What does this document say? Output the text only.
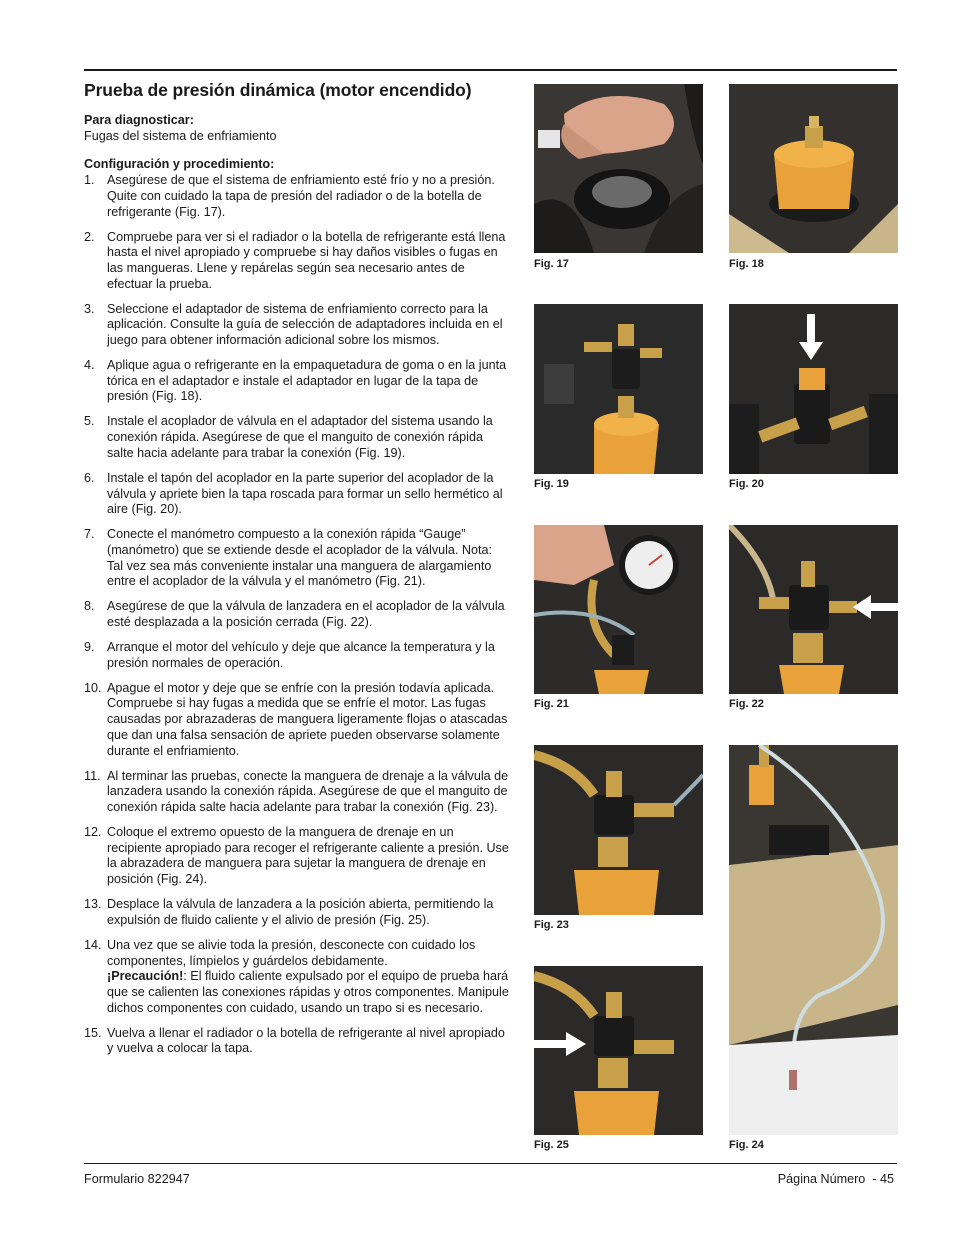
Prueba de presión dinámica (motor encendido)

Para diagnosticar:

Fugas del sistema de enfriamiento

Configuración y procedimiento:

1. Asegúrese de que el sistema de enfriamiento esté frío y no a presión. Quite con cuidado la tapa de presión del radiador o de la botella de refrigerante (Fig. 17).
2. Compruebe para ver si el radiador o la botella de refrigerante está llena hasta el nivel apropiado y compruebe si hay daños visibles o fugas en las mangueras. Llene y repárelas según sea necesario antes de efectuar la prueba.
3. Seleccione el adaptador de sistema de enfriamiento correcto para la aplicación. Consulte la guía de selección de adaptadores incluida en el juego para obtener información adicional sobre los mismos.
4. Aplique agua o refrigerante en la empaquetadura de goma o en la junta tórica en el adaptador e instale el adaptador en lugar de la tapa de presión (Fig. 18).
5. Instale el acoplador de válvula en el adaptador del sistema usando la conexión rápida. Asegúrese de que el manguito de conexión rápida salte hacia adelante para trabar la conexión (Fig. 19).
6. Instale el tapón del acoplador en la parte superior del acoplador de la válvula y apriete bien la tapa roscada para formar un sello hermético al aire (Fig. 20).
7. Conecte el manómetro compuesto a la conexión rápida “Gauge” (manómetro) que se extiende desde el acoplador de la válvula. Nota: Tal vez sea más conveniente instalar una manguera de alargamiento entre el acoplador de la válvula y el manómetro (Fig. 21).
8. Asegúrese de que la válvula de lanzadera en el acoplador de la válvula esté desplazada a la posición cerrada (Fig. 22).
9. Arranque el motor del vehículo y deje que alcance la temperatura y la presión normales de operación.
10. Apague el motor y deje que se enfríe con la presión todavía aplicada. Compruebe si hay fugas a medida que se enfríe el motor. Las fugas causadas por abrazaderas de manguera ligeramente flojas o atascadas que dan una falsa sensación de apriete pueden observarse solamente durante el enfriamiento.
11. Al terminar las pruebas, conecte la manguera de drenaje a la válvula de lanzadera usando la conexión rápida. Asegúrese de que el manguito de conexión rápida salte hacia adelante para trabar la conexión (Fig. 23).
12. Coloque el extremo opuesto de la manguera de drenaje en un recipiente apropiado para recoger el refrigerante caliente a presión. Use la abrazadera de manguera para sujetar la manguera de drenaje en posición (Fig. 24).
13. Desplace la válvula de lanzadera a la posición abierta, permitiendo la expulsión de fluido caliente y el alivio de presión (Fig. 25).
14. Una vez que se alivie toda la presión, desconecte con cuidado los componentes, límpielos y guárdelos debidamente.
¡Precaución!: El fluido caliente expulsado por el equipo de prueba hará que se calienten las conexiones rápidas y otros componentes. Manipule dichos componentes con cuidado, usando un trapo si es necesario.
15. Vuelva a llenar el radiador o la botella de refrigerante al nivel apropiado y vuelva a colocar la tapa.
Fig. 17	Fig. 18
Fig. 19	Fig. 20
Fig. 21	Fig. 22
Fig. 23
Fig. 24
Fig. 25
Formulario 822947	Página Número  - 45
